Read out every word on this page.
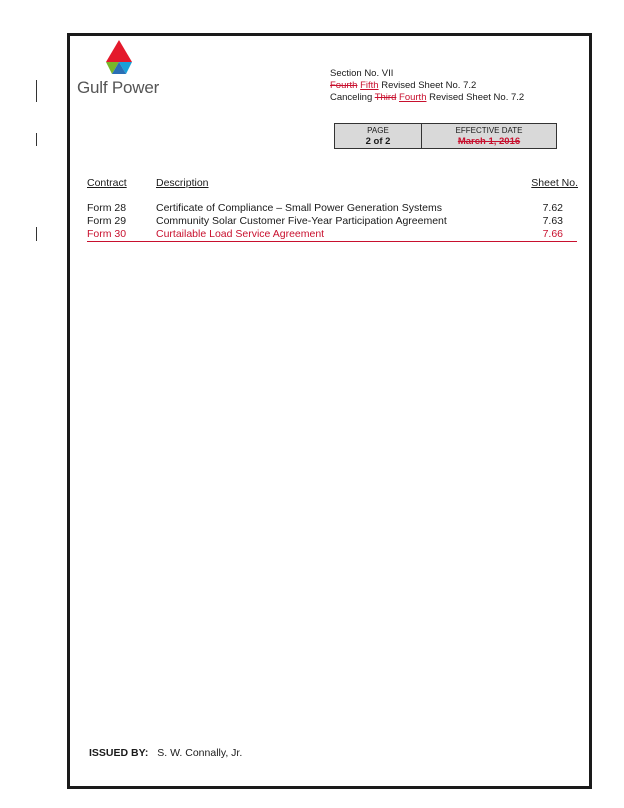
Gulf Power
Section No. VII
Fourth Fifth Revised Sheet No. 7.2
Canceling Third Fourth Revised Sheet No. 7.2
PAGE
2 of 2
EFFECTIVE DATE
March 1, 2016
Contract	Description	Sheet No.
Form 28	Certificate of Compliance – Small Power Generation Systems	7.62
Form 29	Community Solar Customer Five-Year Participation Agreement	7.63
Form 30	Curtailable Load Service Agreement	7.66
ISSUED BY: S. W. Connally, Jr.
